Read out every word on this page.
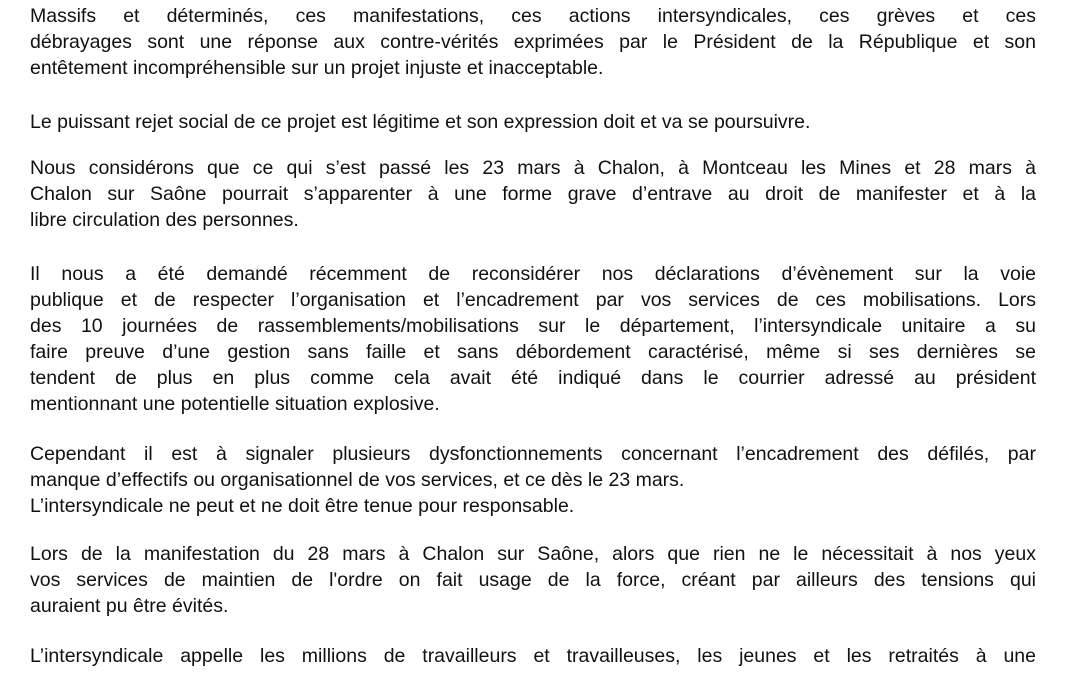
Massifs et déterminés, ces manifestations, ces actions intersyndicales, ces grèves et ces
débrayages sont une réponse aux contre-vérités exprimées par le Président de la République et son
entêtement incompréhensible sur un projet injuste et inacceptable.

Le puissant rejet social de ce projet est légitime et son expression doit et va se poursuivre.

Nous considérons que ce qui s’est passé les 23 mars à Chalon, à Montceau les Mines et 28 mars à
Chalon sur Saône pourrait s’apparenter à une forme grave d’entrave au droit de manifester et à la
libre circulation des personnes.

Il nous a été demandé récemment de reconsidérer nos déclarations d’évènement sur la voie
publique et de respecter l’organisation et l’encadrement par vos services de ces mobilisations. Lors
des 10 journées de rassemblements/mobilisations sur le département, l’intersyndicale unitaire a su
faire preuve d’une gestion sans faille et sans débordement caractérisé, même si ses dernières se
tendent de plus en plus comme cela avait été indiqué dans le courrier adressé au président
mentionnant une potentielle situation explosive.

Cependant il est à signaler plusieurs dysfonctionnements concernant l’encadrement des défilés, par
manque d’effectifs ou organisationnel de vos services, et ce dès le 23 mars.
L’intersyndicale ne peut et ne doit être tenue pour responsable.

Lors de la manifestation du 28 mars à Chalon sur Saône, alors que rien ne le nécessitait à nos yeux
vos services de maintien de l'ordre on fait usage de la force, créant par ailleurs des tensions qui
auraient pu être évités.

L’intersyndicale appelle les millions de travailleurs et travailleuses, les jeunes et les retraités à une
